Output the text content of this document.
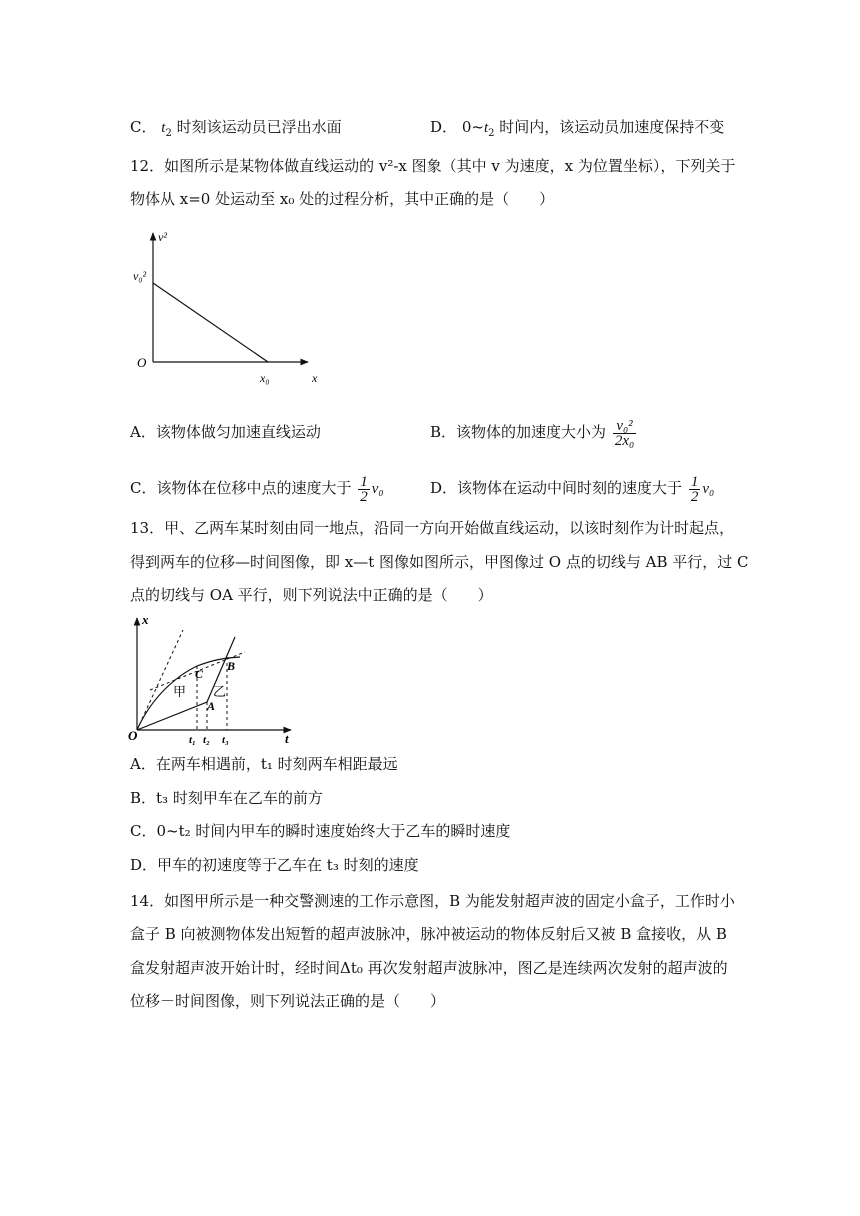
C． $t_2$ 时刻该运动员已浮出水面	D． $0\sim t_2$ 时间内，该运动员加速度保持不变
12．如图所示是某物体做直线运动的 v²-x 图象（其中 v 为速度，x 为位置坐标），下列关于
物体从 x=0 处运动至 x₀ 处的过程分析，其中正确的是（　　）
v²
v₀²
O
x₀	x
A．该物体做匀加速直线运动	B．该物体的加速度大小为 $\frac{\text{v₀²}}{\text{2x₀}}$
C．该物体在位移中点的速度大于 $\frac{1}{2} v_0$	D．该物体在运动中间时刻的速度大于 $\frac{1}{2} v_0$
13．甲、乙两车某时刻由同一地点，沿同一方向开始做直线运动，以该时刻作为计时起点，
得到两车的位移—时间图像，即 x—t 图像如图所示，甲图像过 O 点的切线与 AB 平行，过 C
点的切线与 OA 平行，则下列说法中正确的是（　　）
x
t
O
甲 乙
A
B
C
t₁ t₂ t₃
A．在两车相遇前，t₁ 时刻两车相距最远
B．t₃ 时刻甲车在乙车的前方
C．0~t₂ 时间内甲车的瞬时速度始终大于乙车的瞬时速度
D．甲车的初速度等于乙车在 t₃ 时刻的速度
14．如图甲所示是一种交警测速的工作示意图，B 为能发射超声波的固定小盒子，工作时小
盒子 B 向被测物体发出短暂的超声波脉冲，脉冲被运动的物体反射后又被 B 盒接收，从 B
盒发射超声波开始计时，经时间Δt₀ 再次发射超声波脉冲，图乙是连续两次发射的超声波的
位移－时间图像，则下列说法正确的是（　　）
